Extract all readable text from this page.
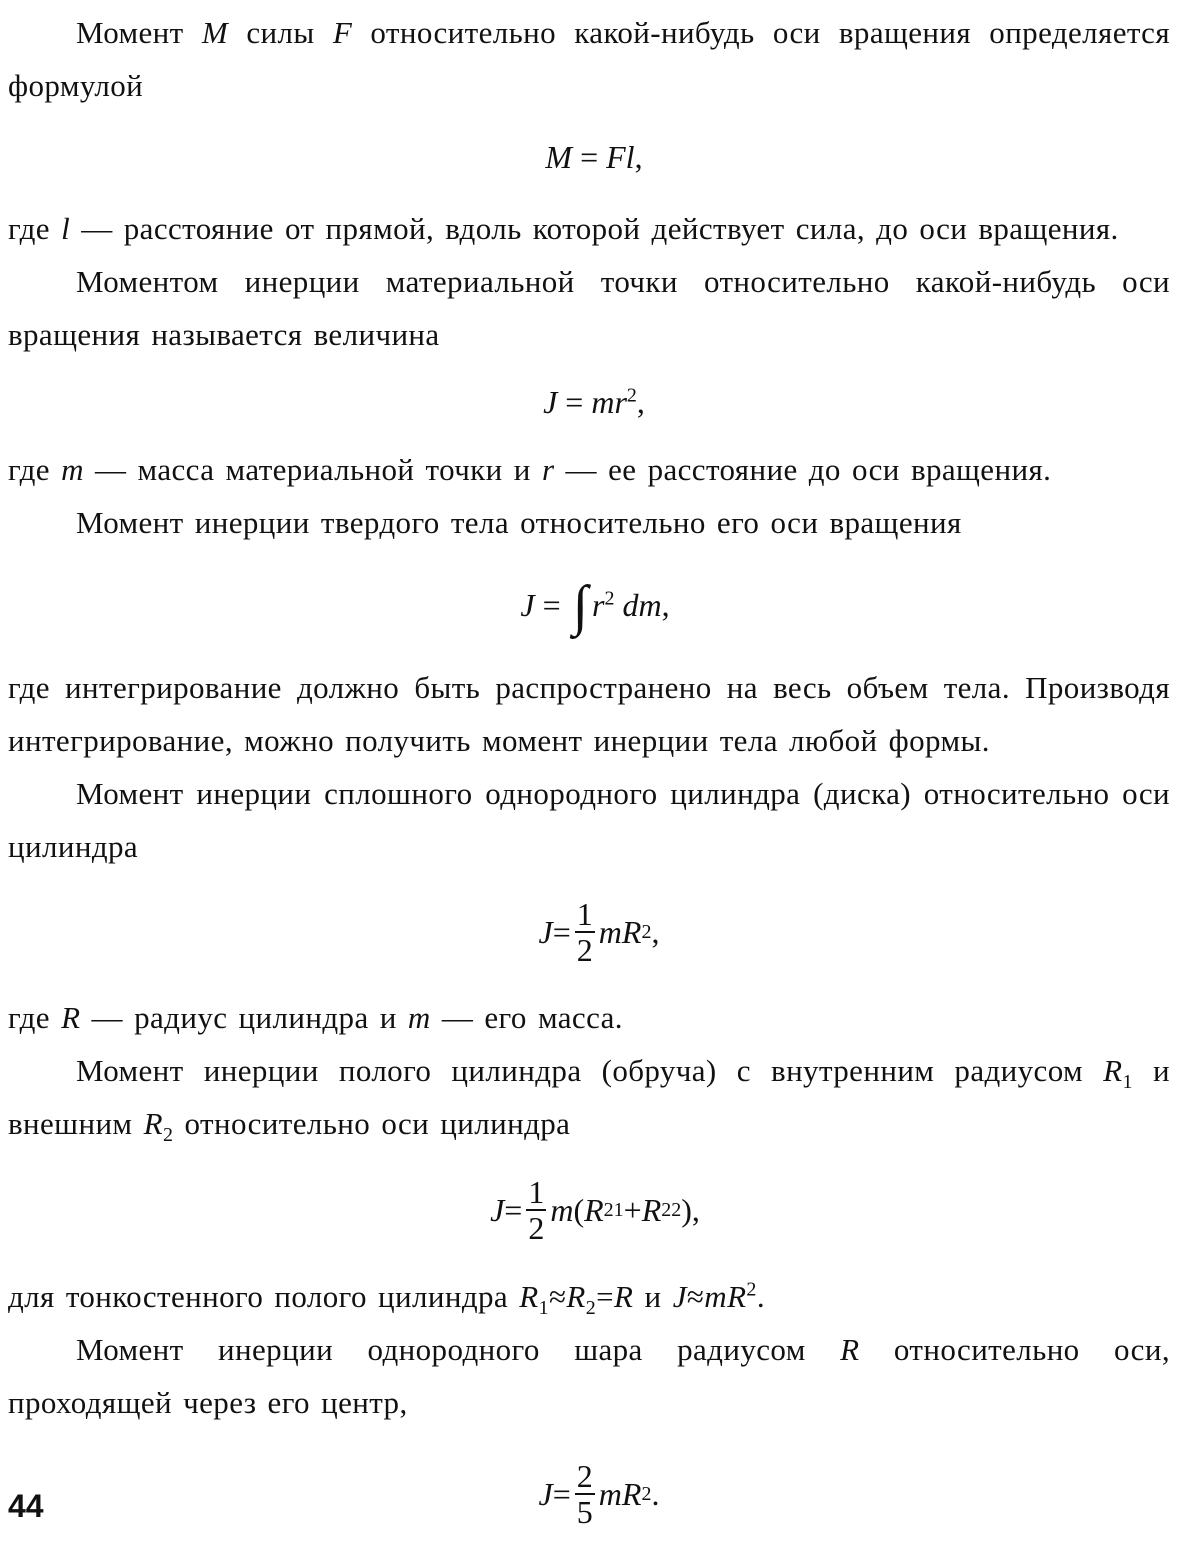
Момент M силы F относительно какой-нибудь оси вращения определяется формулой

M = Fl,

где l — расстояние от прямой, вдоль которой действует сила, до оси вращения.

Моментом инерции материальной точки относительно какой-нибудь оси вращения называется величина

$J = mr^2$,

где m — масса материальной точки и r — ее расстояние до оси вращения.

Момент инерции твердого тела относительно его оси вращения

J = ∫ $r^2$ dm,

где интегрирование должно быть распространено на весь объем тела. Производя интегрирование, можно получить момент инерции тела любой формы.

Момент инерции сплошного однородного цилиндра (диска) относительно оси цилиндра

$J = \frac{1}{2}$ mR 2 ,

где R — радиус цилиндра и m — его масса.

Момент инерции полого цилиндра (обруча) с внутренним радиусом $R_1$ и внешним $R_2$ относительно оси цилиндра

$J = \frac{1}{2}$ m ( R 2 1 + R 2 2 ) ,

для тонкостенного полого цилиндра $R_1\approx R_2=R$ и $J\approx mR^2$.

Момент инерции однородного шара радиусом R относительно оси, проходящей через его центр,

$J = \frac{2}{5}$ mR 2 .
44
